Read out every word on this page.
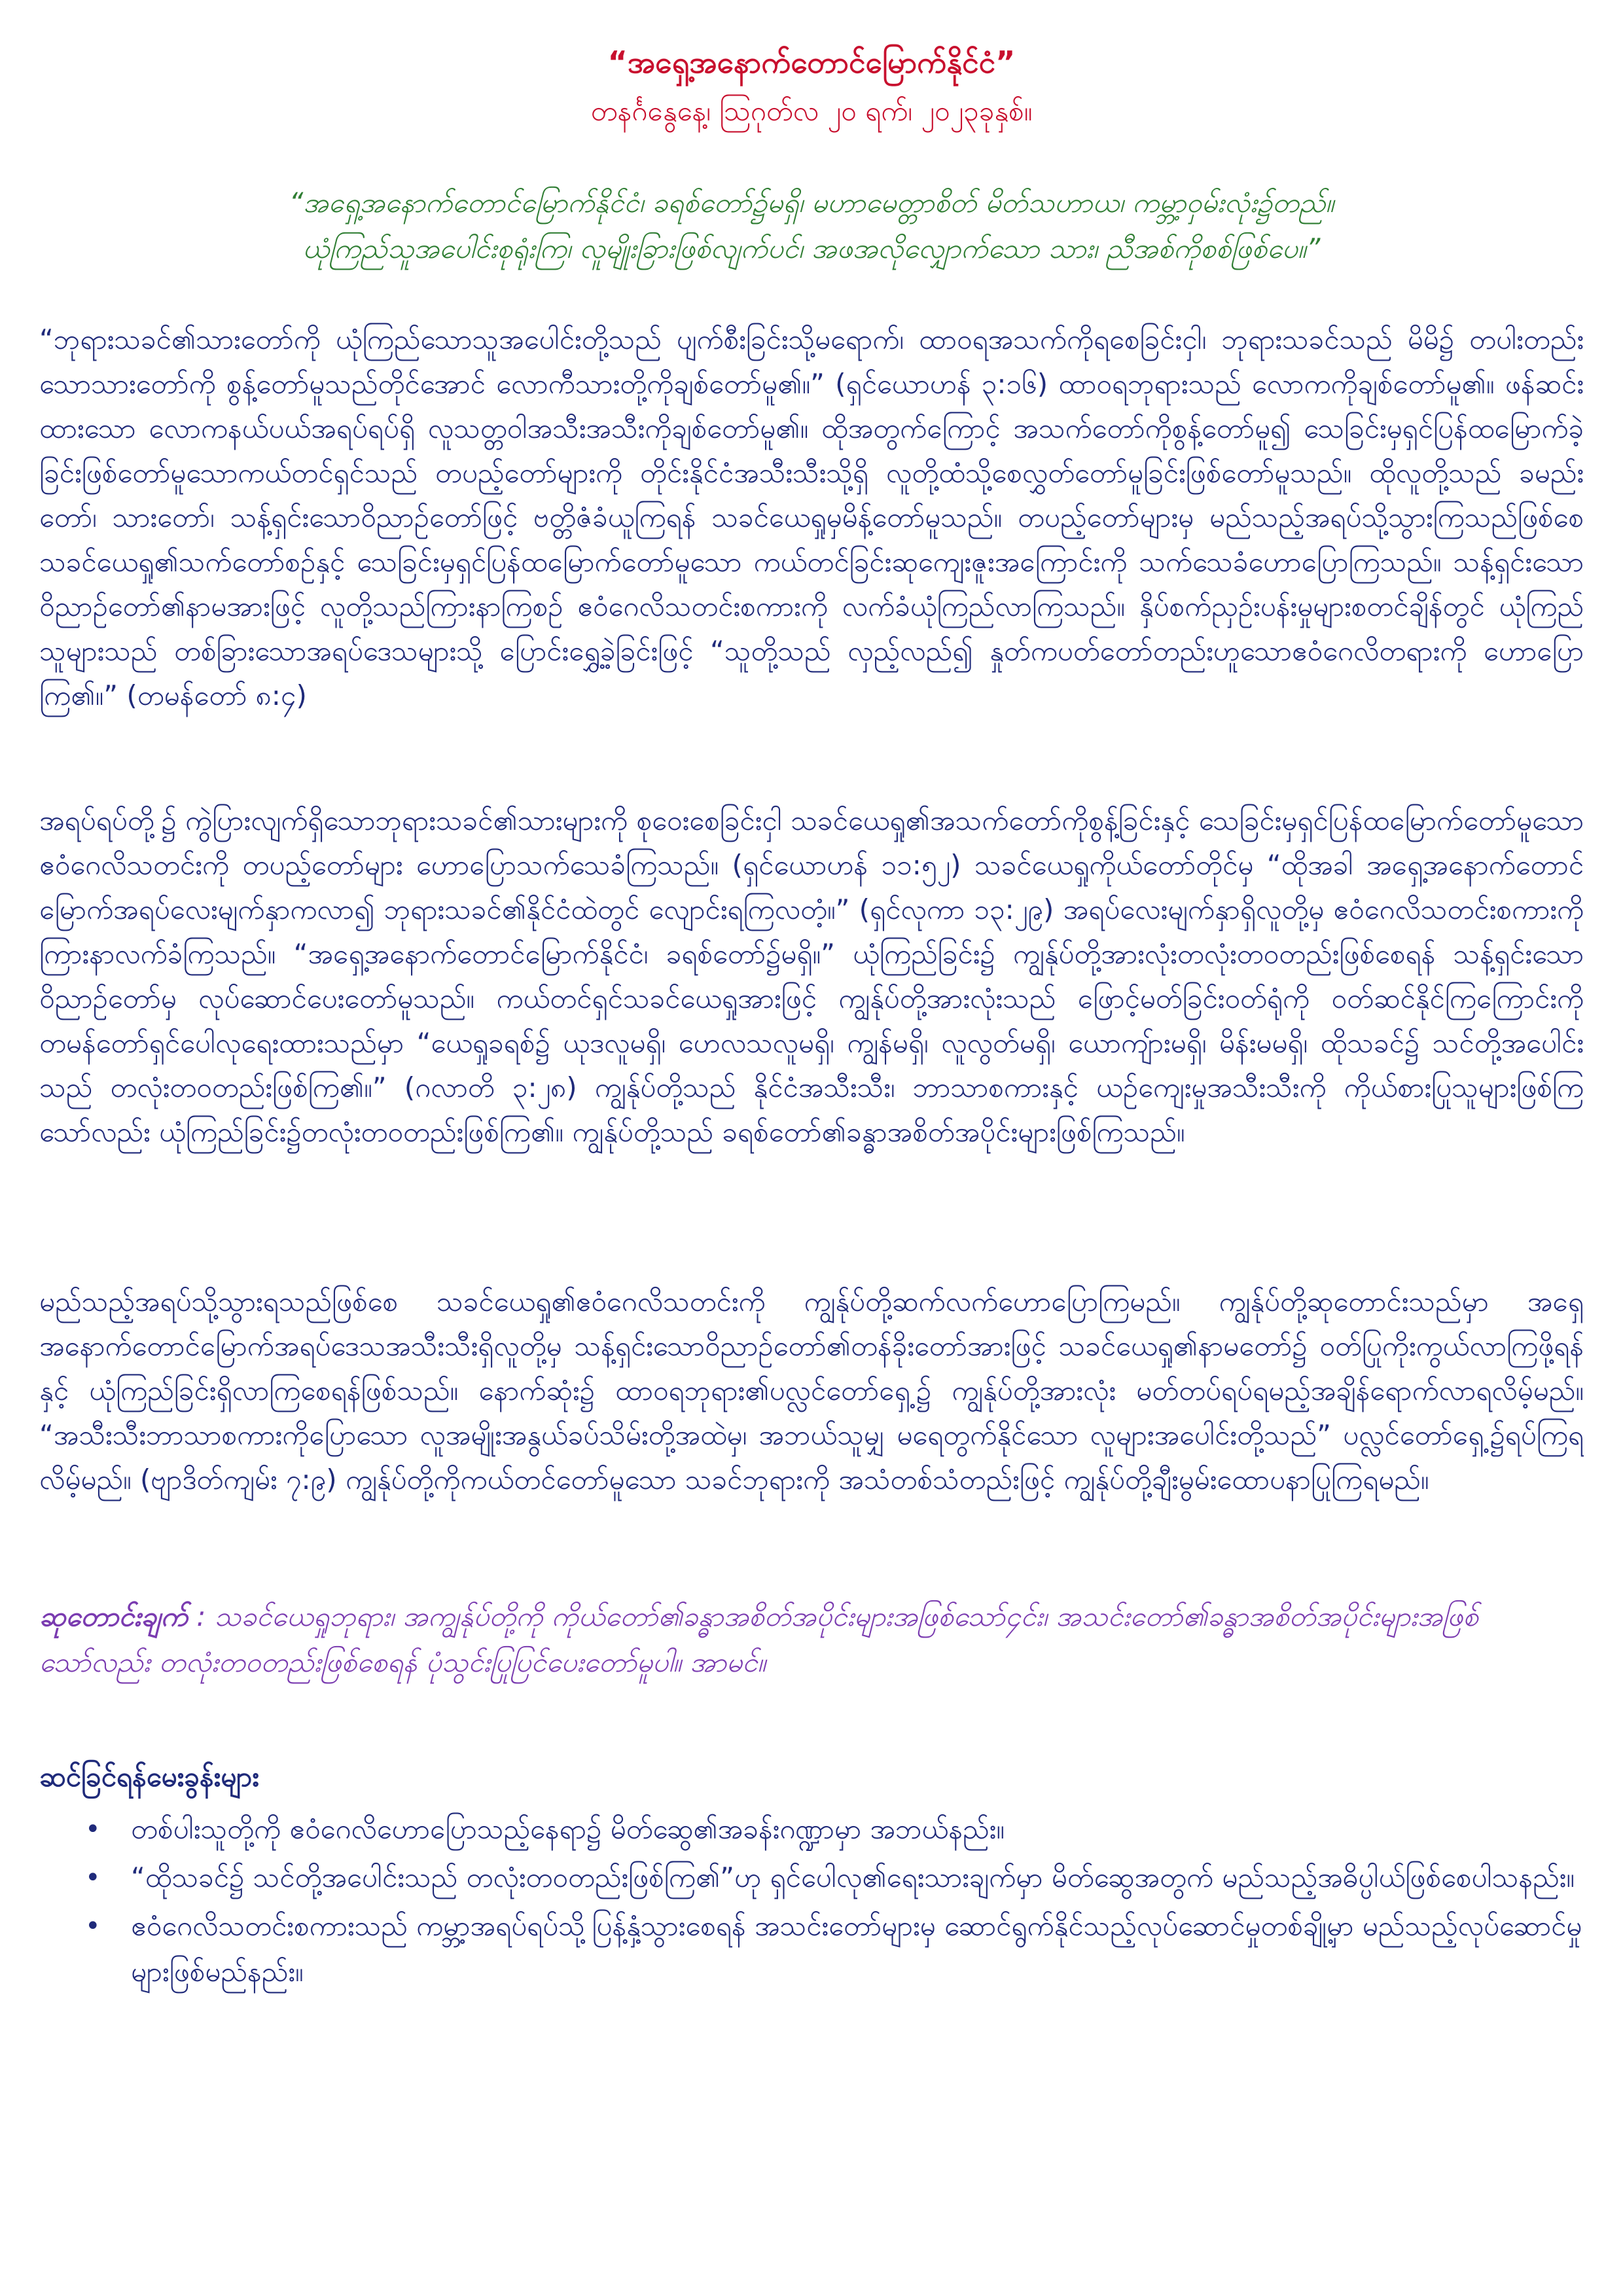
“အရှေ့အနောက်တောင်မြောက်နိုင်ငံ”
တနင်္ဂနွေနေ့၊ ဩဂုတ်လ ၂၀ ရက်၊ ၂၀၂၃ခုနှစ်။
“အရှေ့အနောက်တောင်မြောက်နိုင်ငံ၊ ခရစ်တော်၌မရှိ၊ မဟာမေတ္တာစိတ် မိတ်သဟာယ၊ ကမ္ဘာ့ဝှမ်းလုံး၌တည်။
ယုံကြည်သူအပေါင်းစုရုံးကြ၊ လူမျိုးခြားဖြစ်လျက်ပင်၊ အဖအလိုလျှောက်သော သား၊ ညီအစ်ကိုစစ်ဖြစ်ပေ။”
“ဘုရားသခင်၏သားတော်ကို ယုံကြည်သောသူအပေါင်းတို့သည် ပျက်စီးခြင်းသို့မရောက်၊ ထာဝရအသက်ကိုရစေခြင်းငှါ၊ ဘုရားသခင်သည် မိမိ၌ တပါးတည်းသောသားတော်ကို စွန့်တော်မူသည်တိုင်အောင် လောကီသားတို့ကိုချစ်တော်မူ၏။” (ရှင်ယောဟန် ၃:၁၆) ထာဝရဘုရားသည် လောကကိုချစ်တော်မူ၏။ ဖန်ဆင်းထားသော လောကနယ်ပယ်အရပ်ရပ်ရှိ လူသတ္တဝါအသီးအသီးကိုချစ်တော်မူ၏။ ထိုအတွက်ကြောင့် အသက်တော်ကိုစွန့်တော်မူ၍ သေခြင်းမှရှင်ပြန်ထမြောက်ခဲ့ခြင်းဖြစ်တော်မူသောကယ်တင်ရှင်သည် တပည့်တော်များကို တိုင်းနိုင်ငံအသီးသီးသို့ရှိ လူတို့ထံသို့စေလွှတ်တော်မူခြင်းဖြစ်တော်မူသည်။ ထိုလူတို့သည် ခမည်းတော်၊ သားတော်၊ သန့်ရှင်းသောဝိညာဉ်တော်ဖြင့် ဗတ္တိဇံခံယူကြရန် သခင်ယေရှုမှမိန့်တော်မူသည်။ တပည့်တော်များမှ မည်သည့်အရပ်သို့သွားကြသည်ဖြစ်စေ သခင်ယေရှု၏သက်တော်စဉ်နှင့် သေခြင်းမှရှင်ပြန်ထမြောက်တော်မူသော ကယ်တင်ခြင်းဆုကျေးဇူးအကြောင်းကို သက်သေခံဟောပြောကြသည်။ သန့်ရှင်းသောဝိညာဉ်တော်၏နာမအားဖြင့် လူတို့သည်ကြားနာကြစဉ် ဧဝံဂေလိသတင်းစကားကို လက်ခံယုံကြည်လာကြသည်။ နှိပ်စက်ညှဉ်းပန်းမှုများစတင်ချိန်တွင် ယုံကြည်သူများသည် တစ်ခြားသောအရပ်ဒေသများသို့ ပြောင်းရွှေ့ခဲ့ခြင်းဖြင့် “သူတို့သည် လှည့်လည်၍ နှုတ်ကပတ်တော်တည်းဟူသောဧဝံဂေလိတရားကို ဟောပြောကြ၏။” (တမန်တော် ၈:၄)
အရပ်ရပ်တို့၌ ကွဲပြားလျက်ရှိသောဘုရားသခင်၏သားများကို စုဝေးစေခြင်းငှါ သခင်ယေရှု၏အသက်တော်ကိုစွန့်ခြင်းနှင့် သေခြင်းမှရှင်ပြန်ထမြောက်တော်မူသော ဧဝံဂေလိသတင်းကို တပည့်တော်များ ဟောပြောသက်သေခံကြသည်။ (ရှင်ယောဟန် ၁၁:၅၂) သခင်ယေရှုကိုယ်တော်တိုင်မှ “ထိုအခါ အရှေ့အနောက်တောင်မြောက်အရပ်လေးမျက်နှာကလာ၍ ဘုရားသခင်၏နိုင်ငံထဲတွင် လျောင်းရကြလတံ့။” (ရှင်လုကာ ၁၃:၂၉) အရပ်လေးမျက်နှာရှိလူတို့မှ ဧဝံဂေလိသတင်းစကားကို ကြားနာလက်ခံကြသည်။ “အရှေ့အနောက်တောင်မြောက်နိုင်ငံ၊ ခရစ်တော်၌မရှိ။” ယုံကြည်ခြင်း၌ ကျွန်ုပ်တို့အားလုံးတလုံးတဝတည်းဖြစ်စေရန် သန့်ရှင်းသောဝိညာဉ်တော်မှ လုပ်ဆောင်ပေးတော်မူသည်။ ကယ်တင်ရှင်သခင်ယေရှုအားဖြင့် ကျွန်ုပ်တို့အားလုံးသည် ဖြောင့်မတ်ခြင်းဝတ်ရုံကို ဝတ်ဆင်နိုင်ကြကြောင်းကို တမန်တော်ရှင်ပေါလုရေးထားသည်မှာ “ယေရှုခရစ်၌ ယုဒလူမရှိ၊ ဟေလသလူမရှိ၊ ကျွန်မရှိ၊ လူလွတ်မရှိ၊ ယောကျ်ားမရှိ၊ မိန်းမမရှိ၊ ထိုသခင်၌ သင်တို့အပေါင်းသည် တလုံးတဝတည်းဖြစ်ကြ၏။” (ဂလာတိ ၃:၂၈) ကျွန်ုပ်တို့သည် နိုင်ငံအသီးသီး၊ ဘာသာစကားနှင့် ယဉ်ကျေးမှုအသီးသီးကို ကိုယ်စားပြုသူများဖြစ်ကြသော်လည်း ယုံကြည်ခြင်း၌တလုံးတဝတည်းဖြစ်ကြ၏။ ကျွန်ုပ်တို့သည် ခရစ်တော်၏ခန္ဓာအစိတ်အပိုင်းများဖြစ်ကြသည်။
မည်သည့်အရပ်သို့သွားရသည်ဖြစ်စေ သခင်ယေရှု၏ဧဝံဂေလိသတင်းကို ကျွန်ုပ်တို့ဆက်လက်ဟောပြောကြမည်။ ကျွန်ုပ်တို့ဆုတောင်းသည်မှာ အရှေ့အနောက်တောင်မြောက်အရပ်ဒေသအသီးသီးရှိလူတို့မှ သန့်ရှင်းသောဝိညာဉ်တော်၏တန်ခိုးတော်အားဖြင့် သခင်ယေရှု၏နာမတော်၌ ဝတ်ပြုကိုးကွယ်လာကြဖို့ရန်နှင့် ယုံကြည်ခြင်းရှိလာကြစေရန်ဖြစ်သည်။ နောက်ဆုံး၌ ထာဝရဘုရား၏ပလ္လင်တော်ရှေ့၌ ကျွန်ုပ်တို့အားလုံး မတ်တပ်ရပ်ရမည့်အချိန်ရောက်လာရလိမ့်မည်။ “အသီးသီးဘာသာစကားကိုပြောသော လူအမျိုးအနွယ်ခပ်သိမ်းတို့အထဲမှ၊ အဘယ်သူမျှ မရေတွက်နိုင်သော လူများအပေါင်းတို့သည်” ပလ္လင်တော်ရှေ့၌ရပ်ကြရလိမ့်မည်။ (ဗျာဒိတ်ကျမ်း ၇:၉) ကျွန်ုပ်တို့ကိုကယ်တင်တော်မူသော သခင်ဘုရားကို အသံတစ်သံတည်းဖြင့် ကျွန်ုပ်တို့ချီးမွမ်းထောပနာပြုကြရမည်။
ဆုတောင်းချက် : သခင်ယေရှုဘုရား၊ အကျွန်ုပ်တို့ကို ကိုယ်တော်၏ခန္ဓာအစိတ်အပိုင်းများအဖြစ်သော်၄င်း၊ အသင်းတော်၏ခန္ဓာအစိတ်အပိုင်းများအဖြစ်သော်လည်း တလုံးတဝတည်းဖြစ်စေရန် ပုံသွင်းပြုပြင်ပေးတော်မူပါ။ အာမင်။
ဆင်ခြင်ရန်မေးခွန်းများ
• တစ်ပါးသူတို့ကို ဧဝံဂေလိဟောပြောသည့်နေရာ၌ မိတ်ဆွေ၏အခန်းဂဏ္ဍာမှာ အဘယ်နည်း။
• “ထိုသခင်၌ သင်တို့အပေါင်းသည် တလုံးတဝတည်းဖြစ်ကြ၏”ဟု ရှင်ပေါလု၏ရေးသားချက်မှာ မိတ်ဆွေအတွက် မည်သည့်အဓိပ္ပါယ်ဖြစ်စေပါသနည်း။
• ဧဝံဂေလိသတင်းစကားသည် ကမ္ဘာ့အရပ်ရပ်သို့ပြန့်နှံ့သွားစေရန် အသင်းတော်များမှ ဆောင်ရွက်နိုင်သည့်လုပ်ဆောင်မှုတစ်ချို့မှာ မည်သည့်လုပ်ဆောင်မှုများဖြစ်မည်နည်း။
